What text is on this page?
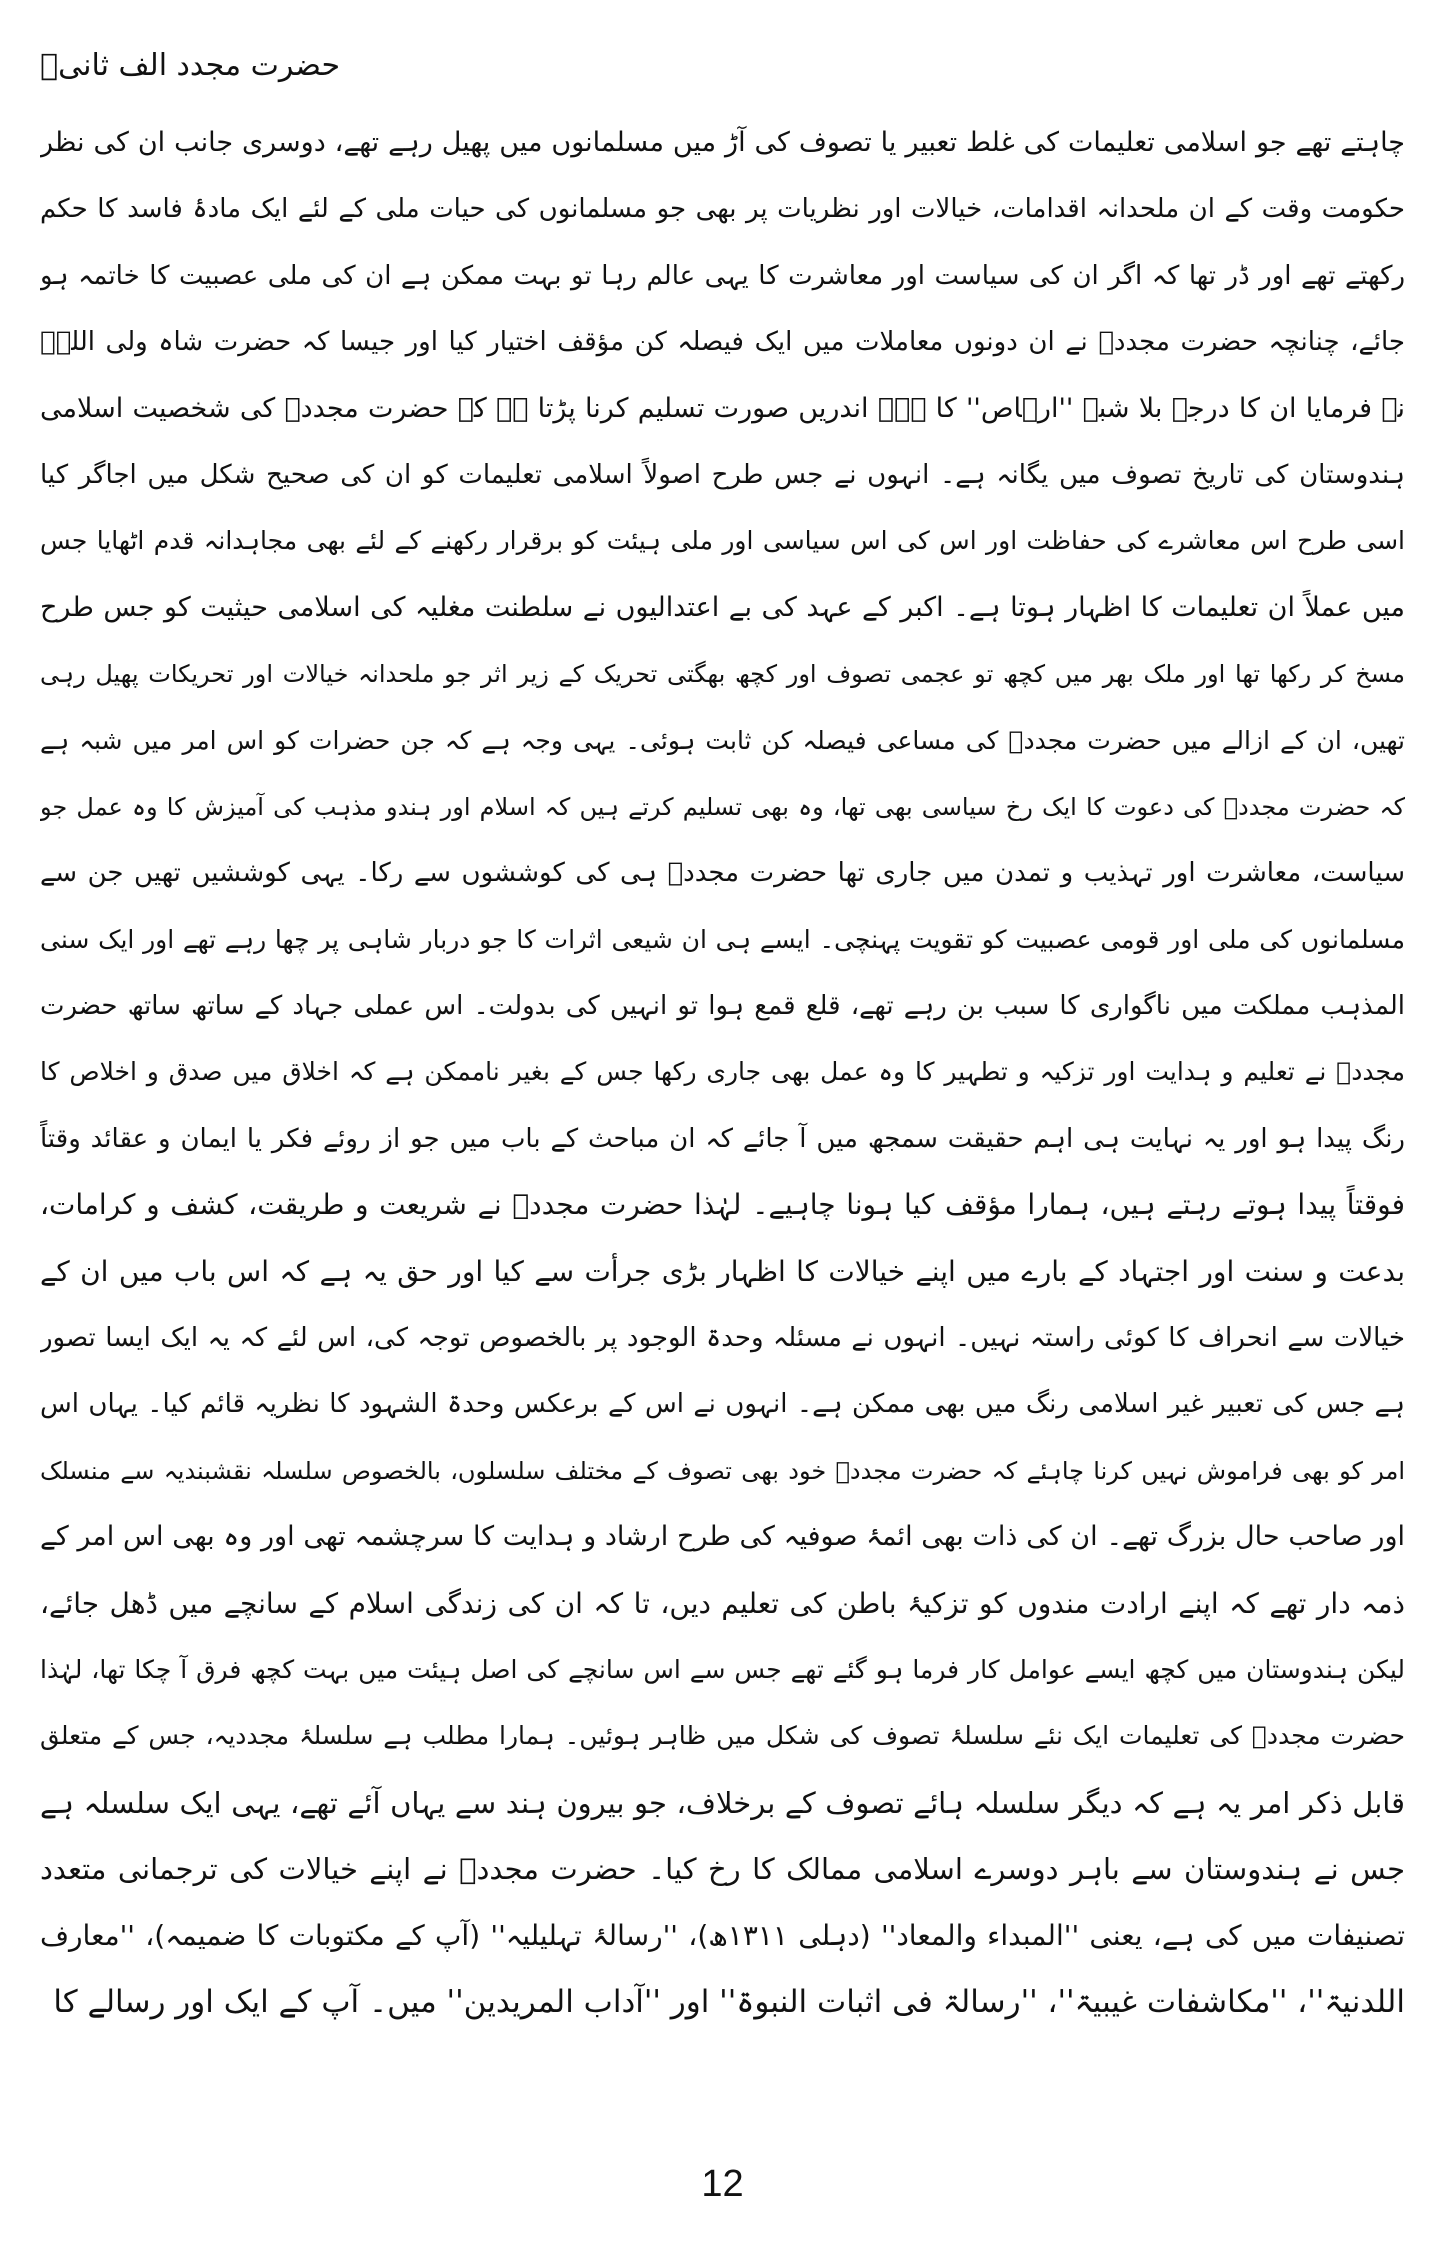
حضرت مجدد الف ثانیؒ
چاہتے تھے جو اسلامی تعلیمات کی غلط تعبیر یا تصوف کی آڑ میں مسلمانوں میں پھیل رہے تھے، دوسری جانب ان کی نظر
حکومت وقت کے ان ملحدانہ اقدامات، خیالات اور نظریات پر بھی جو مسلمانوں کی حیات ملی کے لئے ایک مادۂ فاسد کا حکم
رکھتے تھے اور ڈر تھا کہ اگر ان کی سیاست اور معاشرت کا یہی عالم رہا تو بہت ممکن ہے ان کی ملی عصبیت کا خاتمہ ہو
جائے، چنانچہ حضرت مجددؒ نے ان دونوں معاملات میں ایک فیصلہ کن مؤقف اختیار کیا اور جیسا کہ حضرت شاہ ولی اللہؒ
نے فرمایا ان کا درجہ بلا شبہ ''ارہاص'' کا ہے۔ اندریں صورت تسلیم کرنا پڑتا ہے کہ حضرت مجددؒ کی شخصیت اسلامی
ہندوستان کی تاریخ تصوف میں یگانہ ہے۔ انہوں نے جس طرح اصولاً اسلامی تعلیمات کو ان کی صحیح شکل میں اجاگر کیا
اسی طرح اس معاشرے کی حفاظت اور اس کی اس سیاسی اور ملی ہیئت کو برقرار رکھنے کے لئے بھی مجاہدانہ قدم اٹھایا جس
میں عملاً ان تعلیمات کا اظہار ہوتا ہے۔ اکبر کے عہد کی بے اعتدالیوں نے سلطنت مغلیہ کی اسلامی حیثیت کو جس طرح
مسخ کر رکھا تھا اور ملک بھر میں کچھ تو عجمی تصوف اور کچھ بھگتی تحریک کے زیر اثر جو ملحدانہ خیالات اور تحریکات پھیل رہی
تھیں، ان کے ازالے میں حضرت مجددؒ کی مساعی فیصلہ کن ثابت ہوئی۔ یہی وجہ ہے کہ جن حضرات کو اس امر میں شبہ ہے
کہ حضرت مجددؒ کی دعوت کا ایک رخ سیاسی بھی تھا، وہ بھی تسلیم کرتے ہیں کہ اسلام اور ہندو مذہب کی آمیزش کا وہ عمل جو
سیاست، معاشرت اور تہذیب و تمدن میں جاری تھا حضرت مجددؒ ہی کی کوششوں سے رکا۔ یہی کوششیں تھیں جن سے
مسلمانوں کی ملی اور قومی عصبیت کو تقویت پہنچی۔ ایسے ہی ان شیعی اثرات کا جو دربار شاہی پر چھا رہے تھے اور ایک سنی
المذہب مملکت میں ناگواری کا سبب بن رہے تھے، قلع قمع ہوا تو انہیں کی بدولت۔ اس عملی جہاد کے ساتھ ساتھ حضرت
مجددؒ نے تعلیم و ہدایت اور تزکیہ و تطہیر کا وہ عمل بھی جاری رکھا جس کے بغیر ناممکن ہے کہ اخلاق میں صدق و اخلاص کا
رنگ پیدا ہو اور یہ نہایت ہی اہم حقیقت سمجھ میں آ جائے کہ ان مباحث کے باب میں جو از روئے فکر یا ایمان و عقائد وقتاً
فوقتاً پیدا ہوتے رہتے ہیں، ہمارا مؤقف کیا ہونا چاہیے۔ لہٰذا حضرت مجددؒ نے شریعت و طریقت، کشف و کرامات،
بدعت و سنت اور اجتہاد کے بارے میں اپنے خیالات کا اظہار بڑی جرأت سے کیا اور حق یہ ہے کہ اس باب میں ان کے
خیالات سے انحراف کا کوئی راستہ نہیں۔ انہوں نے مسئلہ وحدۃ الوجود پر بالخصوص توجہ کی، اس لئے کہ یہ ایک ایسا تصور
ہے جس کی تعبیر غیر اسلامی رنگ میں بھی ممکن ہے۔ انہوں نے اس کے برعکس وحدۃ الشہود کا نظریہ قائم کیا۔ یہاں اس
امر کو بھی فراموش نہیں کرنا چاہئے کہ حضرت مجددؒ خود بھی تصوف کے مختلف سلسلوں، بالخصوص سلسلہ نقشبندیہ سے منسلک
اور صاحب حال بزرگ تھے۔ ان کی ذات بھی ائمۂ صوفیہ کی طرح ارشاد و ہدایت کا سرچشمہ تھی اور وہ بھی اس امر کے
ذمہ دار تھے کہ اپنے ارادت مندوں کو تزکیۂ باطن کی تعلیم دیں، تا کہ ان کی زندگی اسلام کے سانچے میں ڈھل جائے،
لیکن ہندوستان میں کچھ ایسے عوامل کار فرما ہو گئے تھے جس سے اس سانچے کی اصل ہیئت میں بہت کچھ فرق آ چکا تھا، لہٰذا
حضرت مجددؒ کی تعلیمات ایک نئے سلسلۂ تصوف کی شکل میں ظاہر ہوئیں۔ ہمارا مطلب ہے سلسلۂ مجددیہ، جس کے متعلق
قابل ذکر امر یہ ہے کہ دیگر سلسلہ ہائے تصوف کے برخلاف، جو بیرون ہند سے یہاں آئے تھے، یہی ایک سلسلہ ہے
جس نے ہندوستان سے باہر دوسرے اسلامی ممالک کا رخ کیا۔ حضرت مجددؒ نے اپنے خیالات کی ترجمانی متعدد
تصنیفات میں کی ہے، یعنی ''المبداء والمعاد'' (دہلی ١٣١١ھ)، ''رسالۂ تہلیلیہ'' (آپ کے مکتوبات کا ضمیمہ)، ''معارف
اللدنیۃ''، ''مکاشفات غیبیۃ''، ''رسالۃ فی اثبات النبوۃ'' اور ''آداب المریدین'' میں۔ آپ کے ایک اور رسالے کا
12
